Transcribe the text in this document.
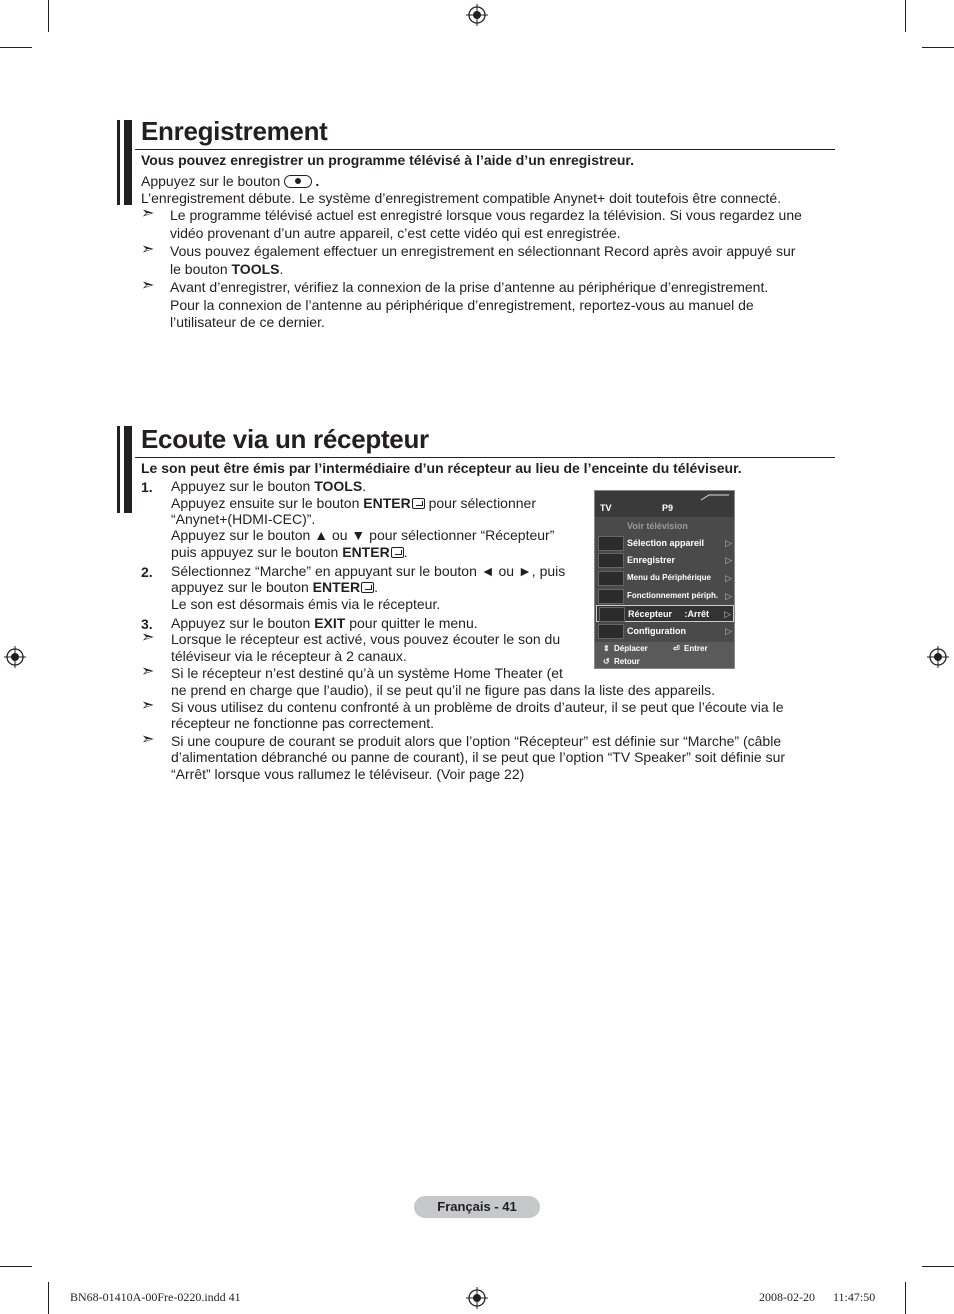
Enregistrement

Vous pouvez enregistrer un programme télévisé à l’aide d’un enregistreur.

Appuyez sur le bouton	.

L’enregistrement débute. Le système d’enregistrement compatible Anynet+ doit toutefois être connecté.

➣ Le programme télévisé actuel est enregistré lorsque vous regardez la télévision. Si vous regardez une

vidéo provenant d’un autre appareil, c’est cette vidéo qui est enregistrée.

➣ Vous pouvez également effectuer un enregistrement en sélectionnant Record après avoir appuyé sur

le bouton TOOLS.

➣ Avant d’enregistrer, vérifiez la connexion de la prise d’antenne au périphérique d’enregistrement.

Pour la connexion de l’antenne au périphérique d’enregistrement, reportez-vous au manuel de

l’utilisateur de ce dernier.

Ecoute via un récepteur

Le son peut être émis par l’intermédiaire d’un récepteur au lieu de l’enceinte du téléviseur.

1. Appuyez sur le bouton TOOLS.

Appuyez ensuite sur le bouton ENTER pour sélectionner

“Anynet+(HDMI-CEC)”.

Appuyez sur le bouton ▲ ou ▼ pour sélectionner “Récepteur”

puis appuyez sur le bouton ENTER .

2. Sélectionnez “Marche” en appuyant sur le bouton ◄ ou ►, puis

appuyez sur le bouton ENTER .

Le son est désormais émis via le récepteur.

3. Appuyez sur le bouton EXIT pour quitter le menu.

➣ Lorsque le récepteur est activé, vous pouvez écouter le son du

téléviseur via le récepteur à 2 canaux.

➣ Si le récepteur n’est destiné qu’à un système Home Theater (et

ne prend en charge que l’audio), il se peut qu’il ne figure pas dans la liste des appareils.

➣ Si vous utilisez du contenu confronté à un problème de droits d’auteur, il se peut que l’écoute via le

récepteur ne fonctionne pas correctement.

➣ Si une coupure de courant se produit alors que l’option “Récepteur” est définie sur “Marche” (câble

d’alimentation débranché ou panne de courant), il se peut que l’option “TV Speaker” soit définie sur

“Arrêt” lorsque vous rallumez le téléviseur. (Voir page 22)

TV	P9
Voir télévision
Sélection appareil ▷
Enregistrer	▷
Menu du Périphérique ▷
Fonctionnement périph. ▷
Récepteur     :Arrêt ▷
Configuration	▷
⇕ Déplacer	⏎ Entrer
↺ Retour
Français - 41
BN68-01410A-00Fre-0220.indd 41	2008-02-20      11:47:50
